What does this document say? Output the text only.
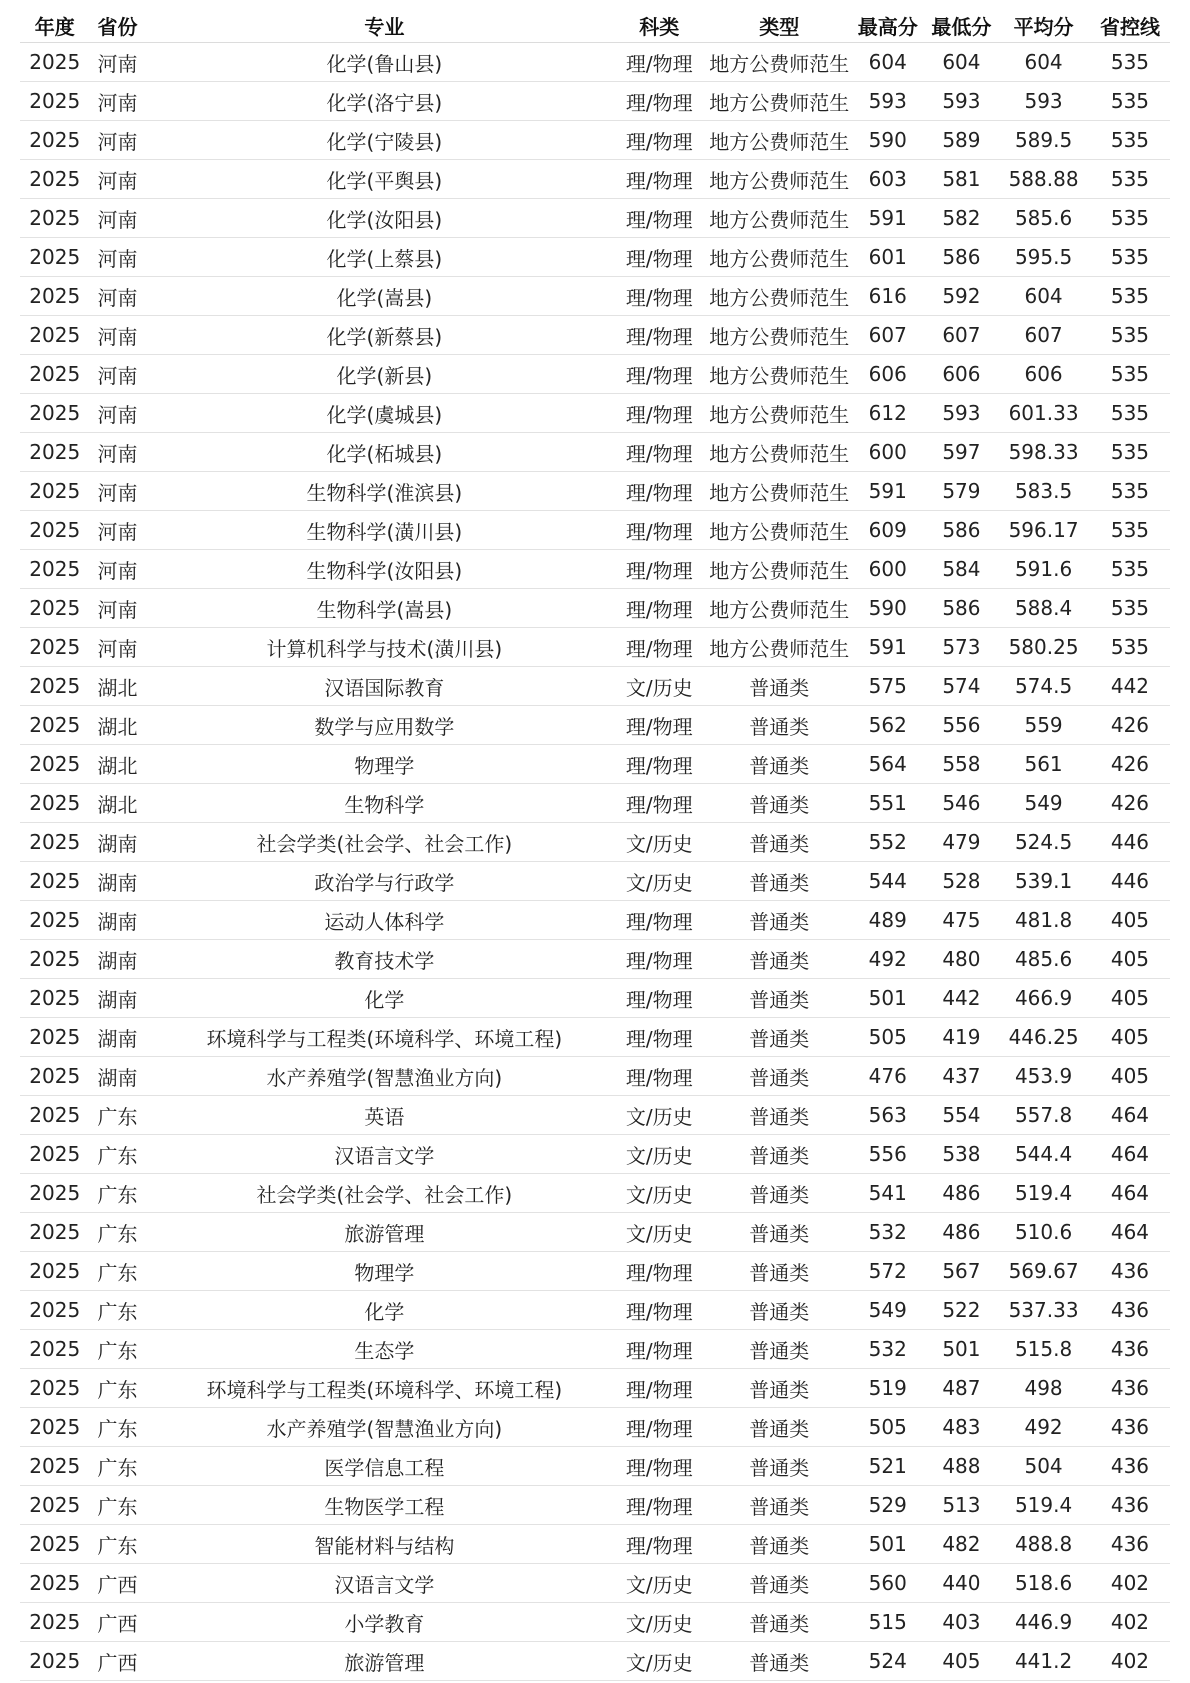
年度	省份	专业	科类	类型	最高分	最低分	平均分	省控线
2025	河南	化学(鲁山县)	理/物理	地方公费师范生	604	604	604	535
2025	河南	化学(洛宁县)	理/物理	地方公费师范生	593	593	593	535
2025	河南	化学(宁陵县)	理/物理	地方公费师范生	590	589	589.5	535
2025	河南	化学(平舆县)	理/物理	地方公费师范生	603	581	588.88	535
2025	河南	化学(汝阳县)	理/物理	地方公费师范生	591	582	585.6	535
2025	河南	化学(上蔡县)	理/物理	地方公费师范生	601	586	595.5	535
2025	河南	化学(嵩县)	理/物理	地方公费师范生	616	592	604	535
2025	河南	化学(新蔡县)	理/物理	地方公费师范生	607	607	607	535
2025	河南	化学(新县)	理/物理	地方公费师范生	606	606	606	535
2025	河南	化学(虞城县)	理/物理	地方公费师范生	612	593	601.33	535
2025	河南	化学(柘城县)	理/物理	地方公费师范生	600	597	598.33	535
2025	河南	生物科学(淮滨县)	理/物理	地方公费师范生	591	579	583.5	535
2025	河南	生物科学(潢川县)	理/物理	地方公费师范生	609	586	596.17	535
2025	河南	生物科学(汝阳县)	理/物理	地方公费师范生	600	584	591.6	535
2025	河南	生物科学(嵩县)	理/物理	地方公费师范生	590	586	588.4	535
2025	河南	计算机科学与技术(潢川县)	理/物理	地方公费师范生	591	573	580.25	535
2025	湖北	汉语国际教育	文/历史	普通类	575	574	574.5	442
2025	湖北	数学与应用数学	理/物理	普通类	562	556	559	426
2025	湖北	物理学	理/物理	普通类	564	558	561	426
2025	湖北	生物科学	理/物理	普通类	551	546	549	426
2025	湖南	社会学类(社会学、社会工作)	文/历史	普通类	552	479	524.5	446
2025	湖南	政治学与行政学	文/历史	普通类	544	528	539.1	446
2025	湖南	运动人体科学	理/物理	普通类	489	475	481.8	405
2025	湖南	教育技术学	理/物理	普通类	492	480	485.6	405
2025	湖南	化学	理/物理	普通类	501	442	466.9	405
2025	湖南	环境科学与工程类(环境科学、环境工程)	理/物理	普通类	505	419	446.25	405
2025	湖南	水产养殖学(智慧渔业方向)	理/物理	普通类	476	437	453.9	405
2025	广东	英语	文/历史	普通类	563	554	557.8	464
2025	广东	汉语言文学	文/历史	普通类	556	538	544.4	464
2025	广东	社会学类(社会学、社会工作)	文/历史	普通类	541	486	519.4	464
2025	广东	旅游管理	文/历史	普通类	532	486	510.6	464
2025	广东	物理学	理/物理	普通类	572	567	569.67	436
2025	广东	化学	理/物理	普通类	549	522	537.33	436
2025	广东	生态学	理/物理	普通类	532	501	515.8	436
2025	广东	环境科学与工程类(环境科学、环境工程)	理/物理	普通类	519	487	498	436
2025	广东	水产养殖学(智慧渔业方向)	理/物理	普通类	505	483	492	436
2025	广东	医学信息工程	理/物理	普通类	521	488	504	436
2025	广东	生物医学工程	理/物理	普通类	529	513	519.4	436
2025	广东	智能材料与结构	理/物理	普通类	501	482	488.8	436
2025	广西	汉语言文学	文/历史	普通类	560	440	518.6	402
2025	广西	小学教育	文/历史	普通类	515	403	446.9	402
2025	广西	旅游管理	文/历史	普通类	524	405	441.2	402
